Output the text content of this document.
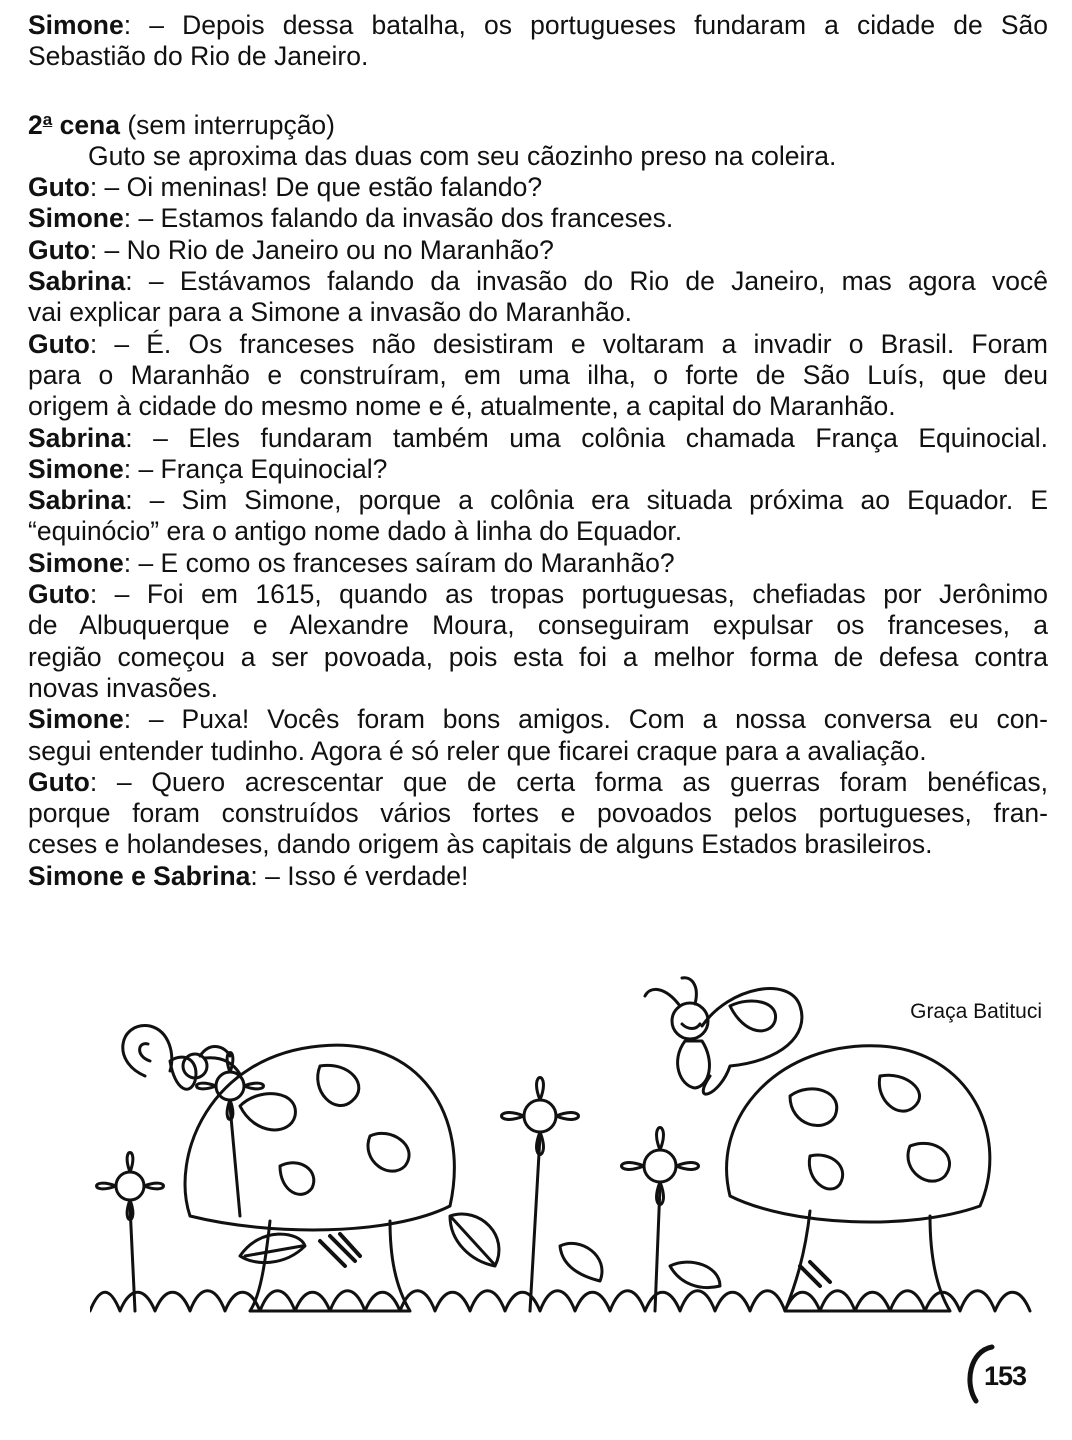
Simone: – Depois dessa batalha, os portugueses fundaram a cidade de São

Sebastião do Rio de Janeiro.

2$^a$ cena (sem interrupção)

Guto se aproxima das duas com seu cãozinho preso na coleira.

Guto: – Oi meninas! De que estão falando?

Simone: – Estamos falando da invasão dos franceses.

Guto: – No Rio de Janeiro ou no Maranhão?

Sabrina: – Estávamos falando da invasão do Rio de Janeiro, mas agora você

vai explicar para a Simone a invasão do Maranhão.

Guto: – É. Os franceses não desistiram e voltaram a invadir o Brasil. Foram

para o Maranhão e construíram, em uma ilha, o forte de São Luís, que deu

origem à cidade do mesmo nome e é, atualmente, a capital do Maranhão.

Sabrina: – Eles fundaram também uma colônia chamada França Equinocial.

Simone: – França Equinocial?

Sabrina: – Sim Simone, porque a colônia era situada próxima ao Equador. E

“equinócio” era o antigo nome dado à linha do Equador.

Simone: – E como os franceses saíram do Maranhão?

Guto: – Foi em 1615, quando as tropas portuguesas, chefiadas por Jerônimo

de Albuquerque e Alexandre Moura, conseguiram expulsar os franceses, a

região começou a ser povoada, pois esta foi a melhor forma de defesa contra

novas invasões.

Simone: – Puxa! Vocês foram bons amigos. Com a nossa conversa eu con-

segui entender tudinho. Agora é só reler que ficarei craque para a avaliação.

Guto: – Quero acrescentar que de certa forma as guerras foram benéficas,

porque foram construídos vários fortes e povoados pelos portugueses, fran-

ceses e holandeses, dando origem às capitais de alguns Estados brasileiros.

Simone e Sabrina: – Isso é verdade!

Graça Batituci
153
